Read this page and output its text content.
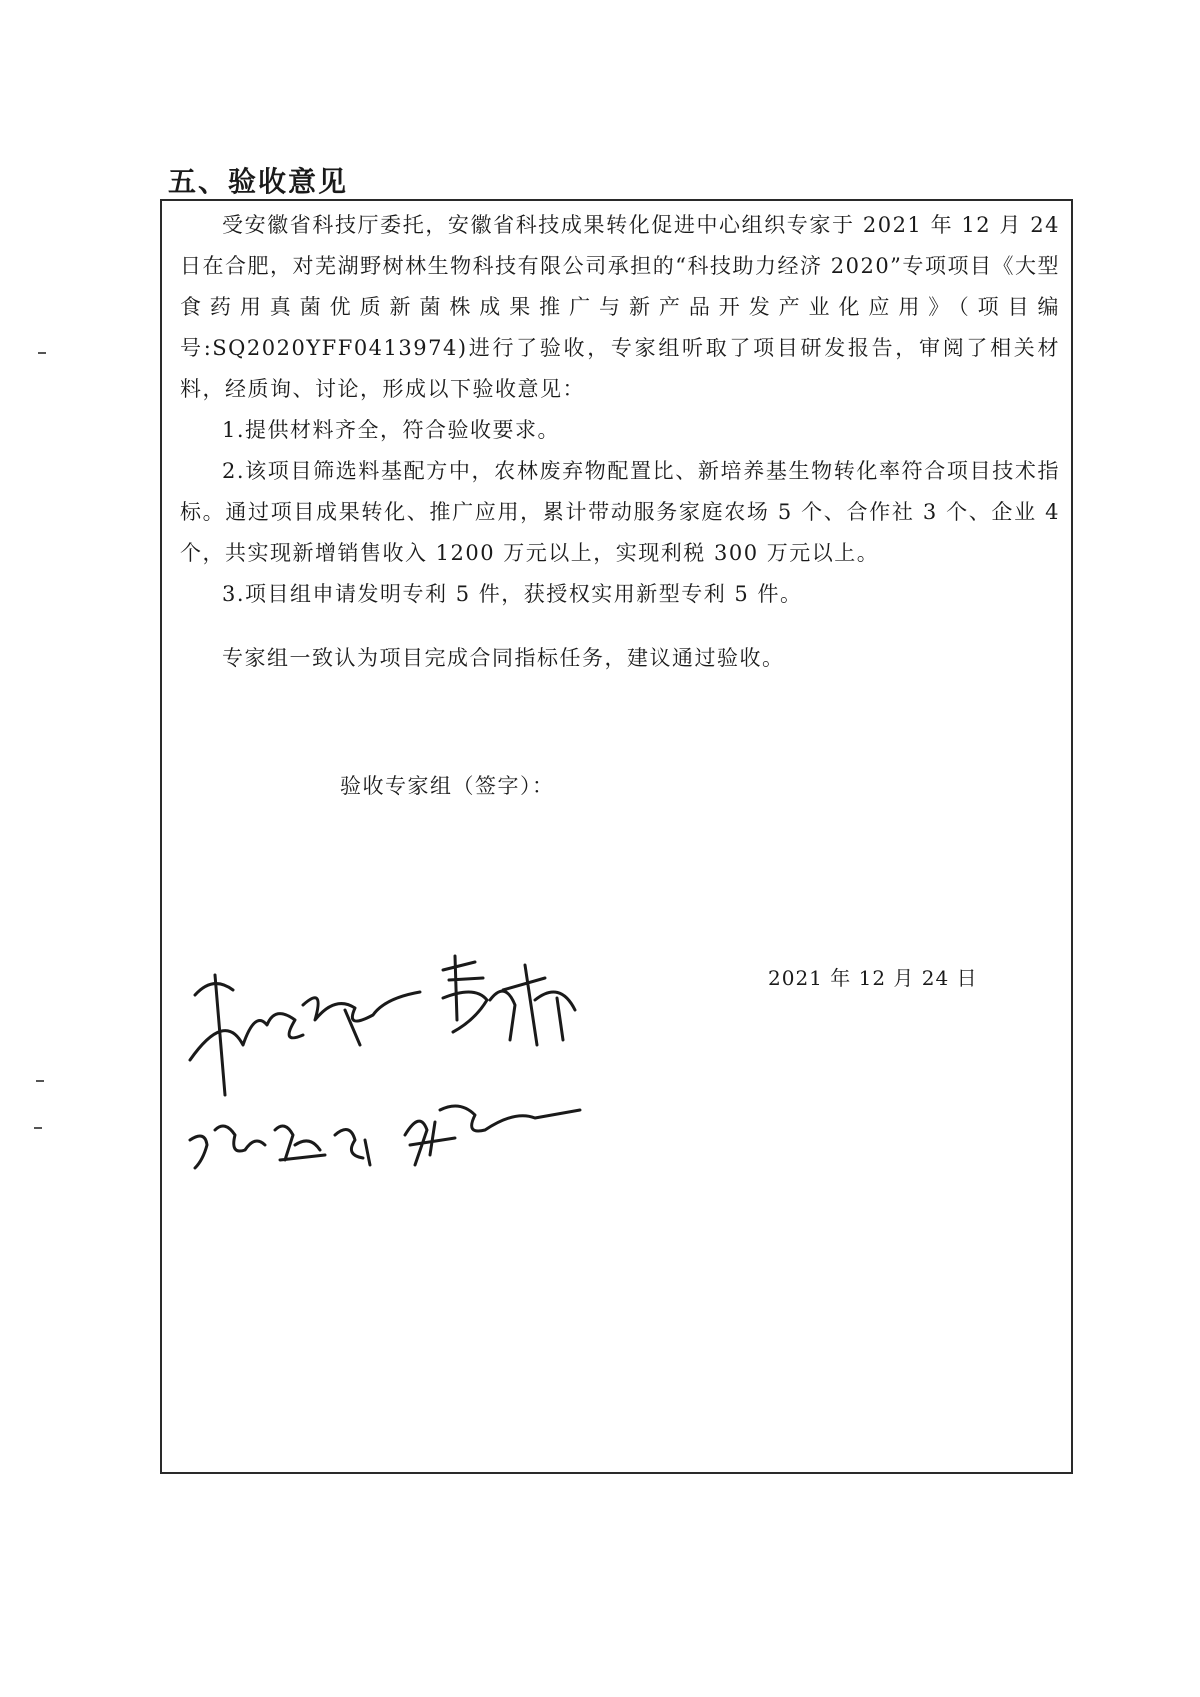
五、验收意见

受安徽省科技厅委托，安徽省科技成果转化促进中心组织专家于 2021 年 12 月 24 日在合肥，对芜湖野树林生物科技有限公司承担的“科技助力经济 2020”专项项目《大型食药用真菌优质新菌株成果推广与新产品开发产业化应用》（项目编号:SQ2020YFF0413974)进行了验收，专家组听取了项目研发报告，审阅了相关材料，经质询、讨论，形成以下验收意见：

1.提供材料齐全，符合验收要求。

2.该项目筛选料基配方中，农林废弃物配置比、新培养基生物转化率符合项目技术指标。通过项目成果转化、推广应用，累计带动服务家庭农场 5 个、合作社 3 个、企业 4 个，共实现新增销售收入 1200 万元以上，实现利税 300 万元以上。

3.项目组申请发明专利 5 件，获授权实用新型专利 5 件。

专家组一致认为项目完成合同指标任务，建议通过验收。
验收专家组（签字）：
2021 年 12 月 24 日
